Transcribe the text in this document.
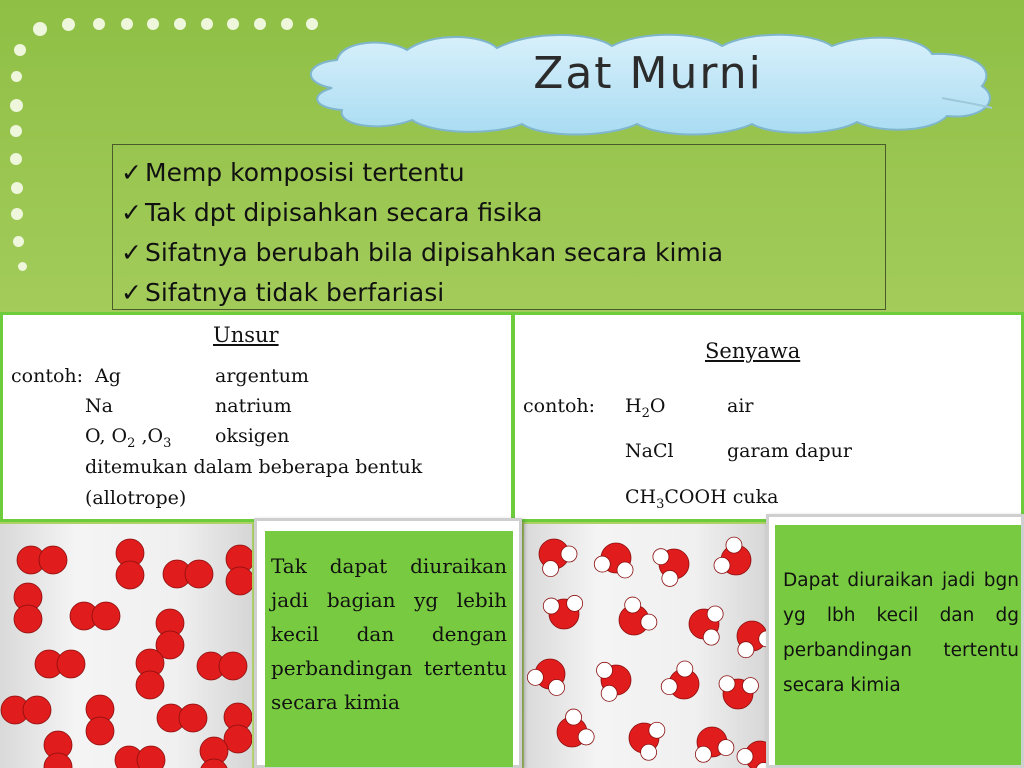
Zat Murni
✓ Memp komposisi tertentu
✓ Tak dpt dipisahkan secara fisika
✓ Sifatnya berubah bila dipisahkan secara kimia
✓ Sifatnya tidak berfariasi
Unsur
contoh: Ag	argentum
Na	natrium
O, $O_2$ $,O_3$ oksigen
ditemukan dalam beberapa bentuk
(allotrope)
Senyawa
contoh: $H_2O$	air
NaCl	garam dapur
$CH_3COOH$ cuka
Tak dapat diuraikan jadi bagian yg lebih kecil dan dengan perbandingan tertentu secara kimia
Dapat diuraikan jadi bgn yg lbh kecil dan dg perbandingan tertentu secara kimia
